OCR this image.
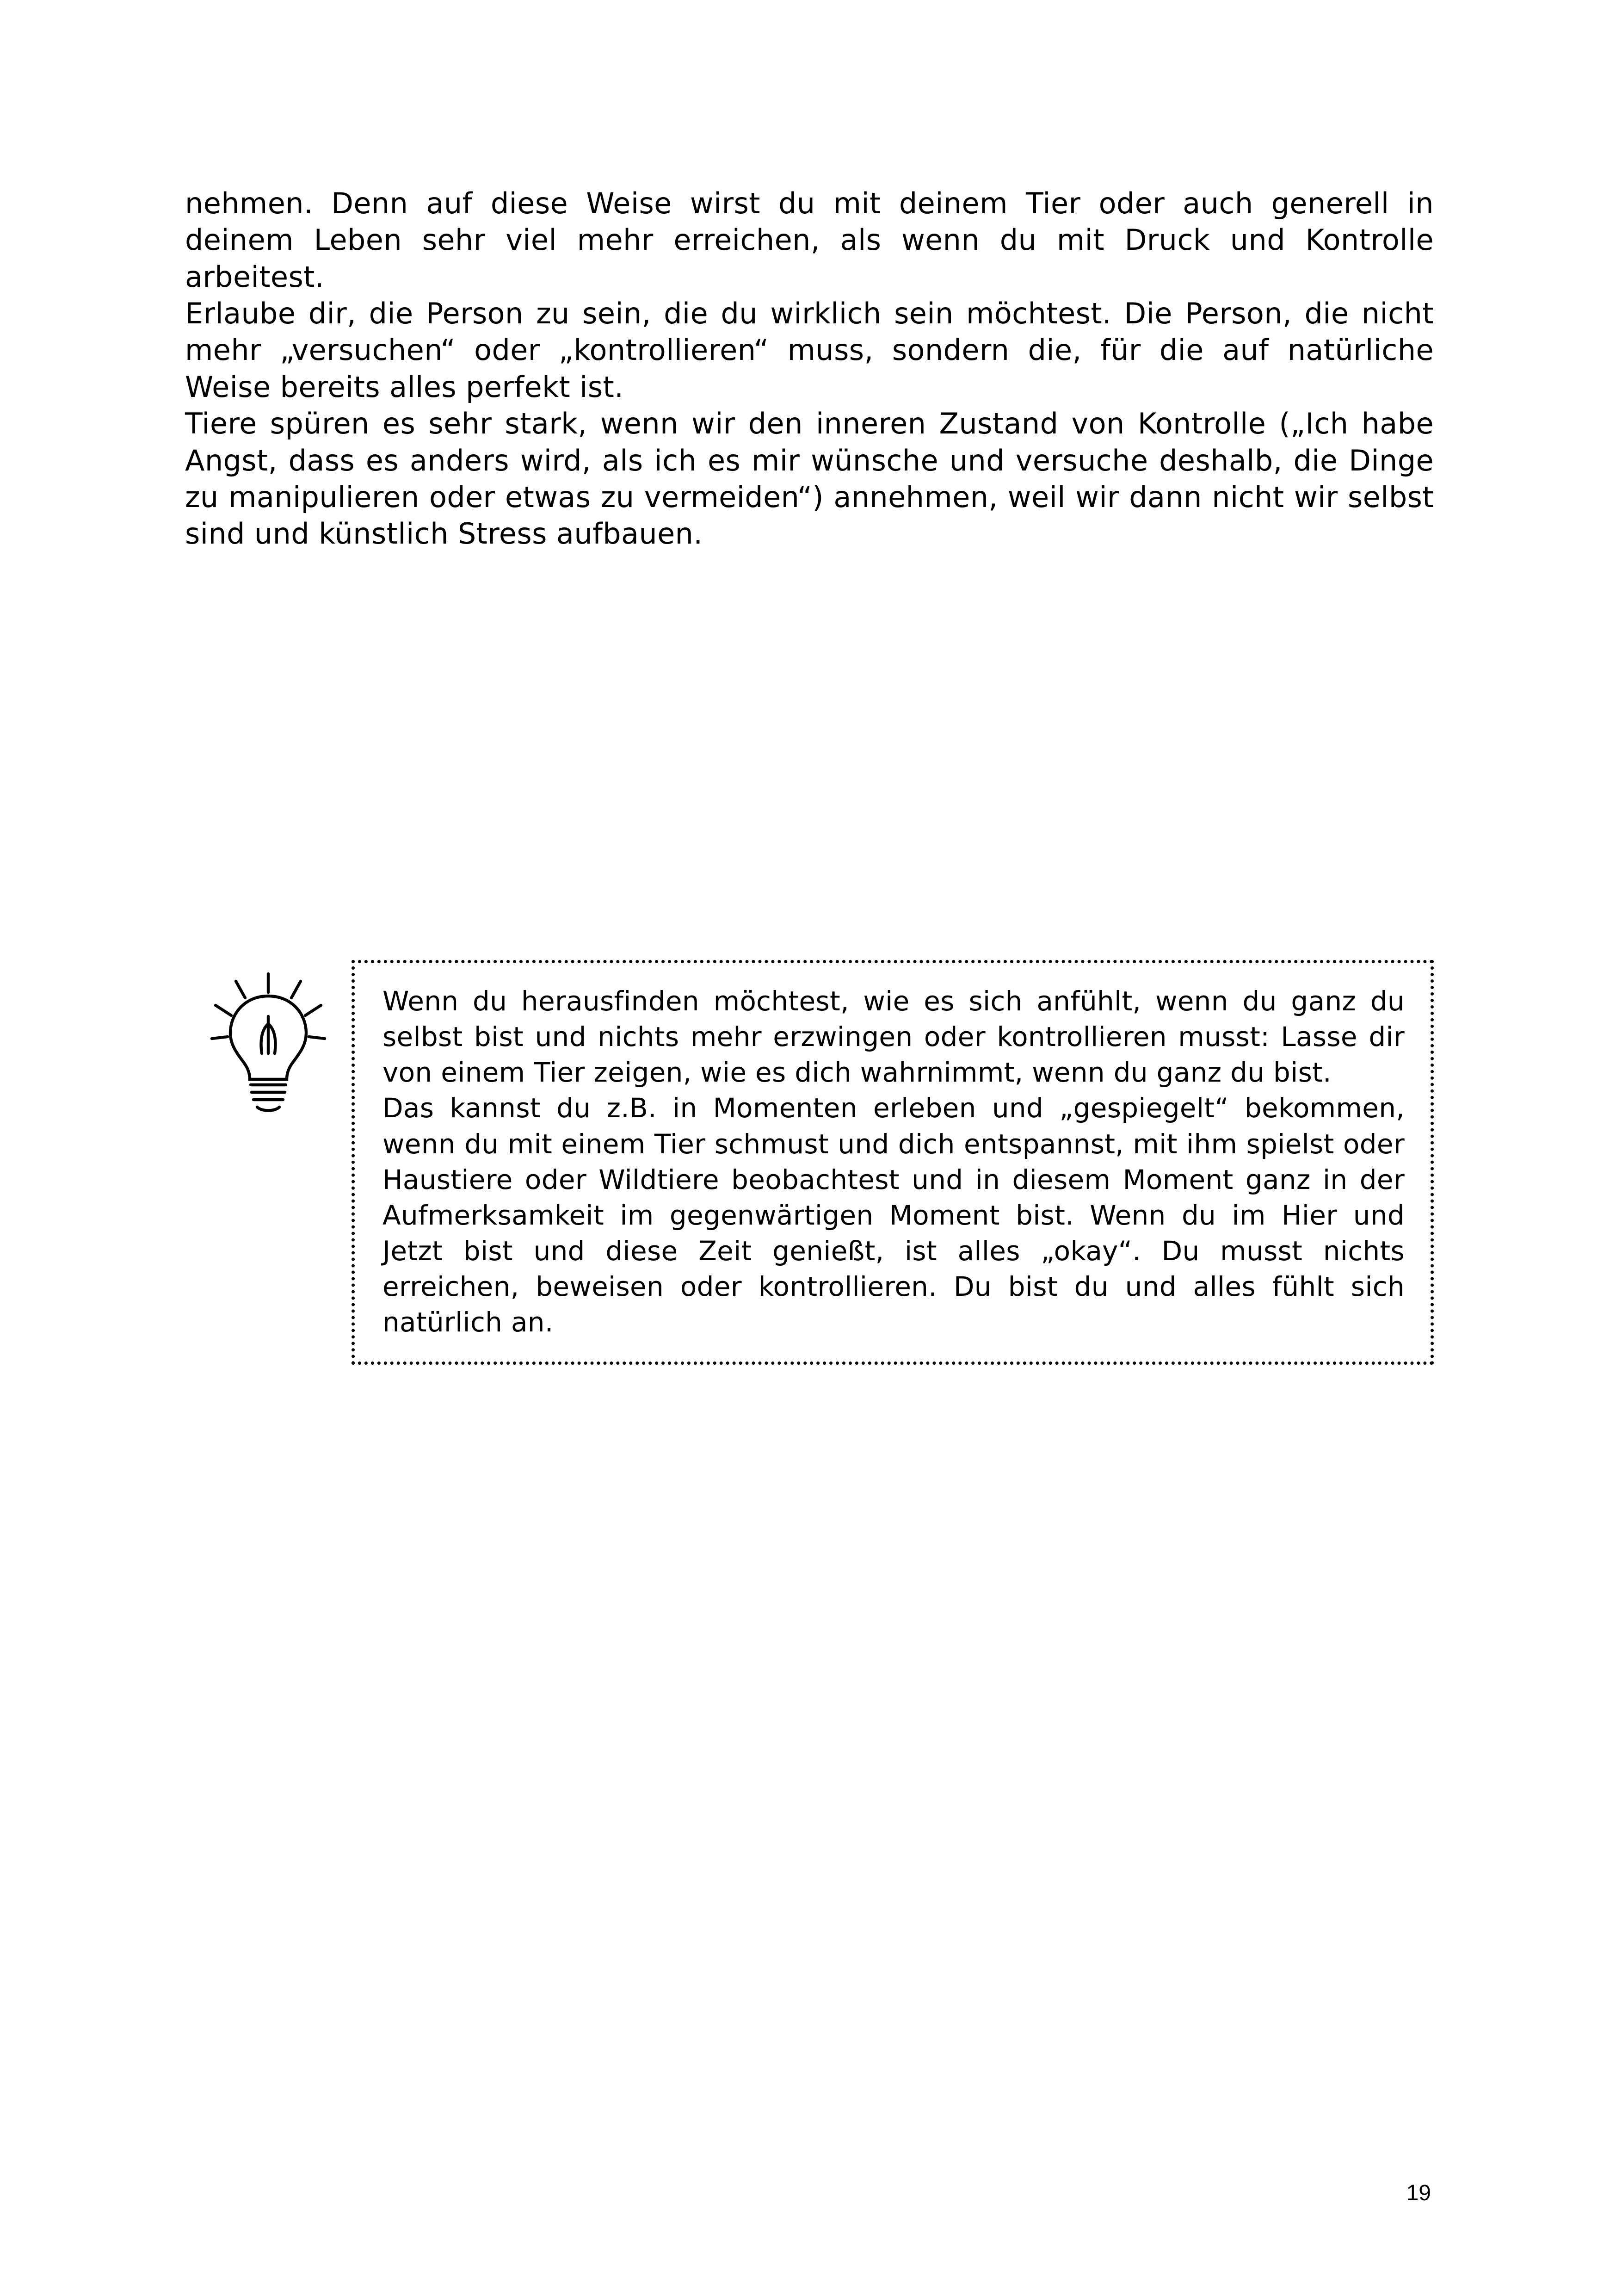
nehmen. Denn auf diese Weise wirst du mit deinem Tier oder auch generell in deinem Leben sehr viel mehr erreichen, als wenn du mit Druck und Kontrolle arbeitest.

Erlaube dir, die Person zu sein, die du wirklich sein möchtest. Die Person, die nicht mehr „versuchen“ oder „kontrollieren“ muss, sondern die, für die auf natürliche Weise bereits alles perfekt ist.

Tiere spüren es sehr stark, wenn wir den inneren Zustand von Kontrolle („Ich habe Angst, dass es anders wird, als ich es mir wünsche und versuche deshalb, die Dinge zu manipulieren oder etwas zu vermeiden“) annehmen, weil wir dann nicht wir selbst sind und künstlich Stress aufbauen.

Wenn du herausfinden möchtest, wie es sich anfühlt, wenn du ganz du selbst bist und nichts mehr erzwingen oder kontrollieren musst: Lasse dir von einem Tier zeigen, wie es dich wahrnimmt, wenn du ganz du bist.

Das kannst du z.B. in Momenten erleben und „gespiegelt“ bekommen, wenn du mit einem Tier schmust und dich entspannst, mit ihm spielst oder Haustiere oder Wildtiere beobachtest und in diesem Moment ganz in der Aufmerksamkeit im gegenwärtigen Moment bist. Wenn du im Hier und Jetzt bist und diese Zeit genießt, ist alles „okay“. Du musst nichts erreichen, beweisen oder kontrollieren. Du bist du und alles fühlt sich natürlich an.

19
